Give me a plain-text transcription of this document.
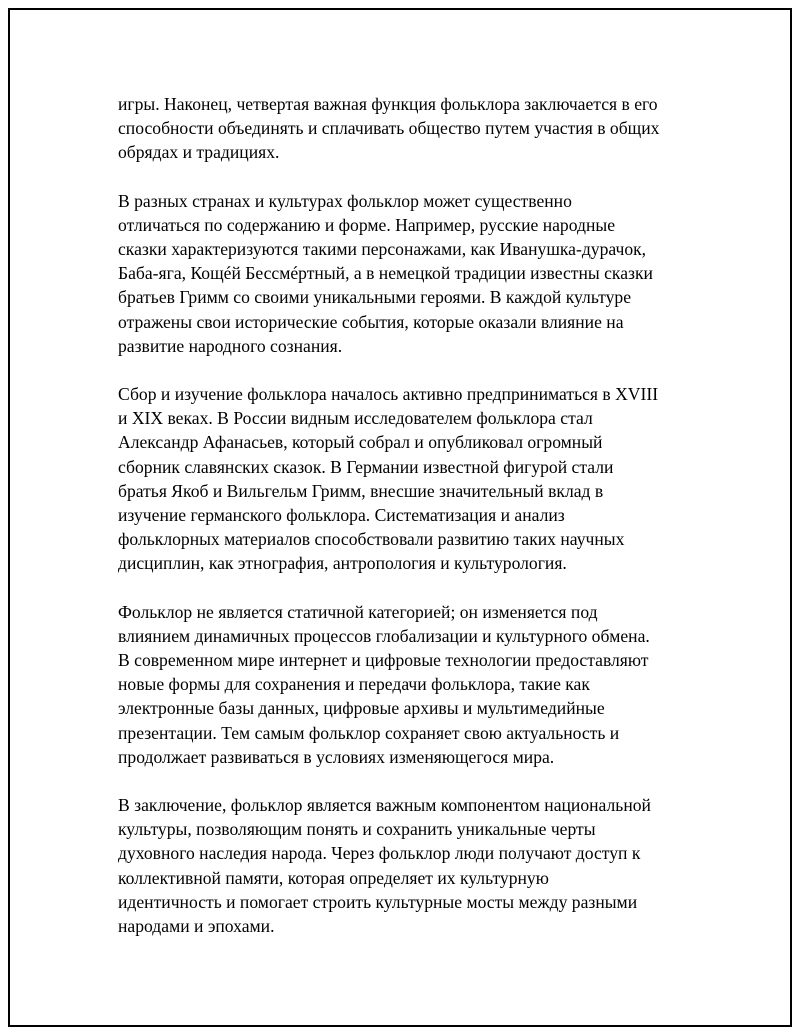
игры. Наконец, четвертая важная функция фольклора заключается в его
способности объединять и сплачивать общество путем участия в общих
обрядах и традициях.

В разных странах и культурах фольклор может существенно
отличаться по содержанию и форме. Например, русские народные
сказки характеризуются такими персонажами, как Иванушка-дурачок,
Баба-яга, Кощéй Бессмéртный, а в немецкой традиции известны сказки
братьев Гримм со своими уникальными героями. В каждой культуре
отражены свои исторические события, которые оказали влияние на
развитие народного сознания.

Сбор и изучение фольклора началось активно предприниматься в XVIII
и XIX веках. В России видным исследователем фольклора стал
Александр Афанасьев, который собрал и опубликовал огромный
сборник славянских сказок. В Германии известной фигурой стали
братья Якоб и Вильгельм Гримм, внесшие значительный вклад в
изучение германского фольклора. Систематизация и анализ
фольклорных материалов способствовали развитию таких научных
дисциплин, как этнография, антропология и культурология.

Фольклор не является статичной категорией; он изменяется под
влиянием динамичных процессов глобализации и культурного обмена.
В современном мире интернет и цифровые технологии предоставляют
новые формы для сохранения и передачи фольклора, такие как
электронные базы данных, цифровые архивы и мультимедийные
презентации. Тем самым фольклор сохраняет свою актуальность и
продолжает развиваться в условиях изменяющегося мира.

В заключение, фольклор является важным компонентом национальной
культуры, позволяющим понять и сохранить уникальные черты
духовного наследия народа. Через фольклор люди получают доступ к
коллективной памяти, которая определяет их культурную
идентичность и помогает строить культурные мосты между разными
народами и эпохами.
